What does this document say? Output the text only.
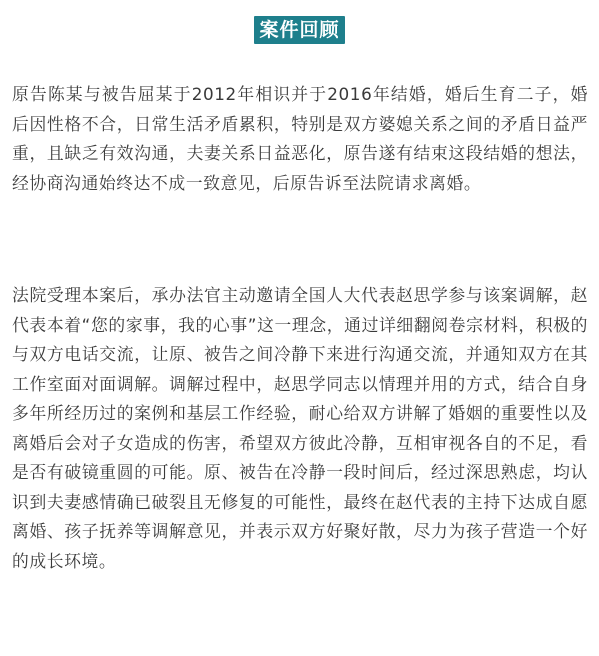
案件回顾

原告陈某与被告屈某于2012年相识并于2016年结婚，婚后生育二子，婚后因性格不合，日常生活矛盾累积，特别是双方婆媳关系之间的矛盾日益严重，且缺乏有效沟通，夫妻关系日益恶化，原告遂有结束这段结婚的想法，经协商沟通始终达不成一致意见，后原告诉至法院请求离婚。

法院受理本案后，承办法官主动邀请全国人大代表赵思学参与该案调解，赵代表本着“您的家事，我的心事”这一理念，通过详细翻阅卷宗材料，积极的与双方电话交流，让原、被告之间冷静下来进行沟通交流，并通知双方在其工作室面对面调解。调解过程中，赵思学同志以情理并用的方式，结合自身多年所经历过的案例和基层工作经验，耐心给双方讲解了婚姻的重要性以及离婚后会对子女造成的伤害，希望双方彼此冷静，互相审视各自的不足，看是否有破镜重圆的可能。原、被告在冷静一段时间后，经过深思熟虑，均认识到夫妻感情确已破裂且无修复的可能性，最终在赵代表的主持下达成自愿离婚、孩子抚养等调解意见，并表示双方好聚好散，尽力为孩子营造一个好的成长环境。
